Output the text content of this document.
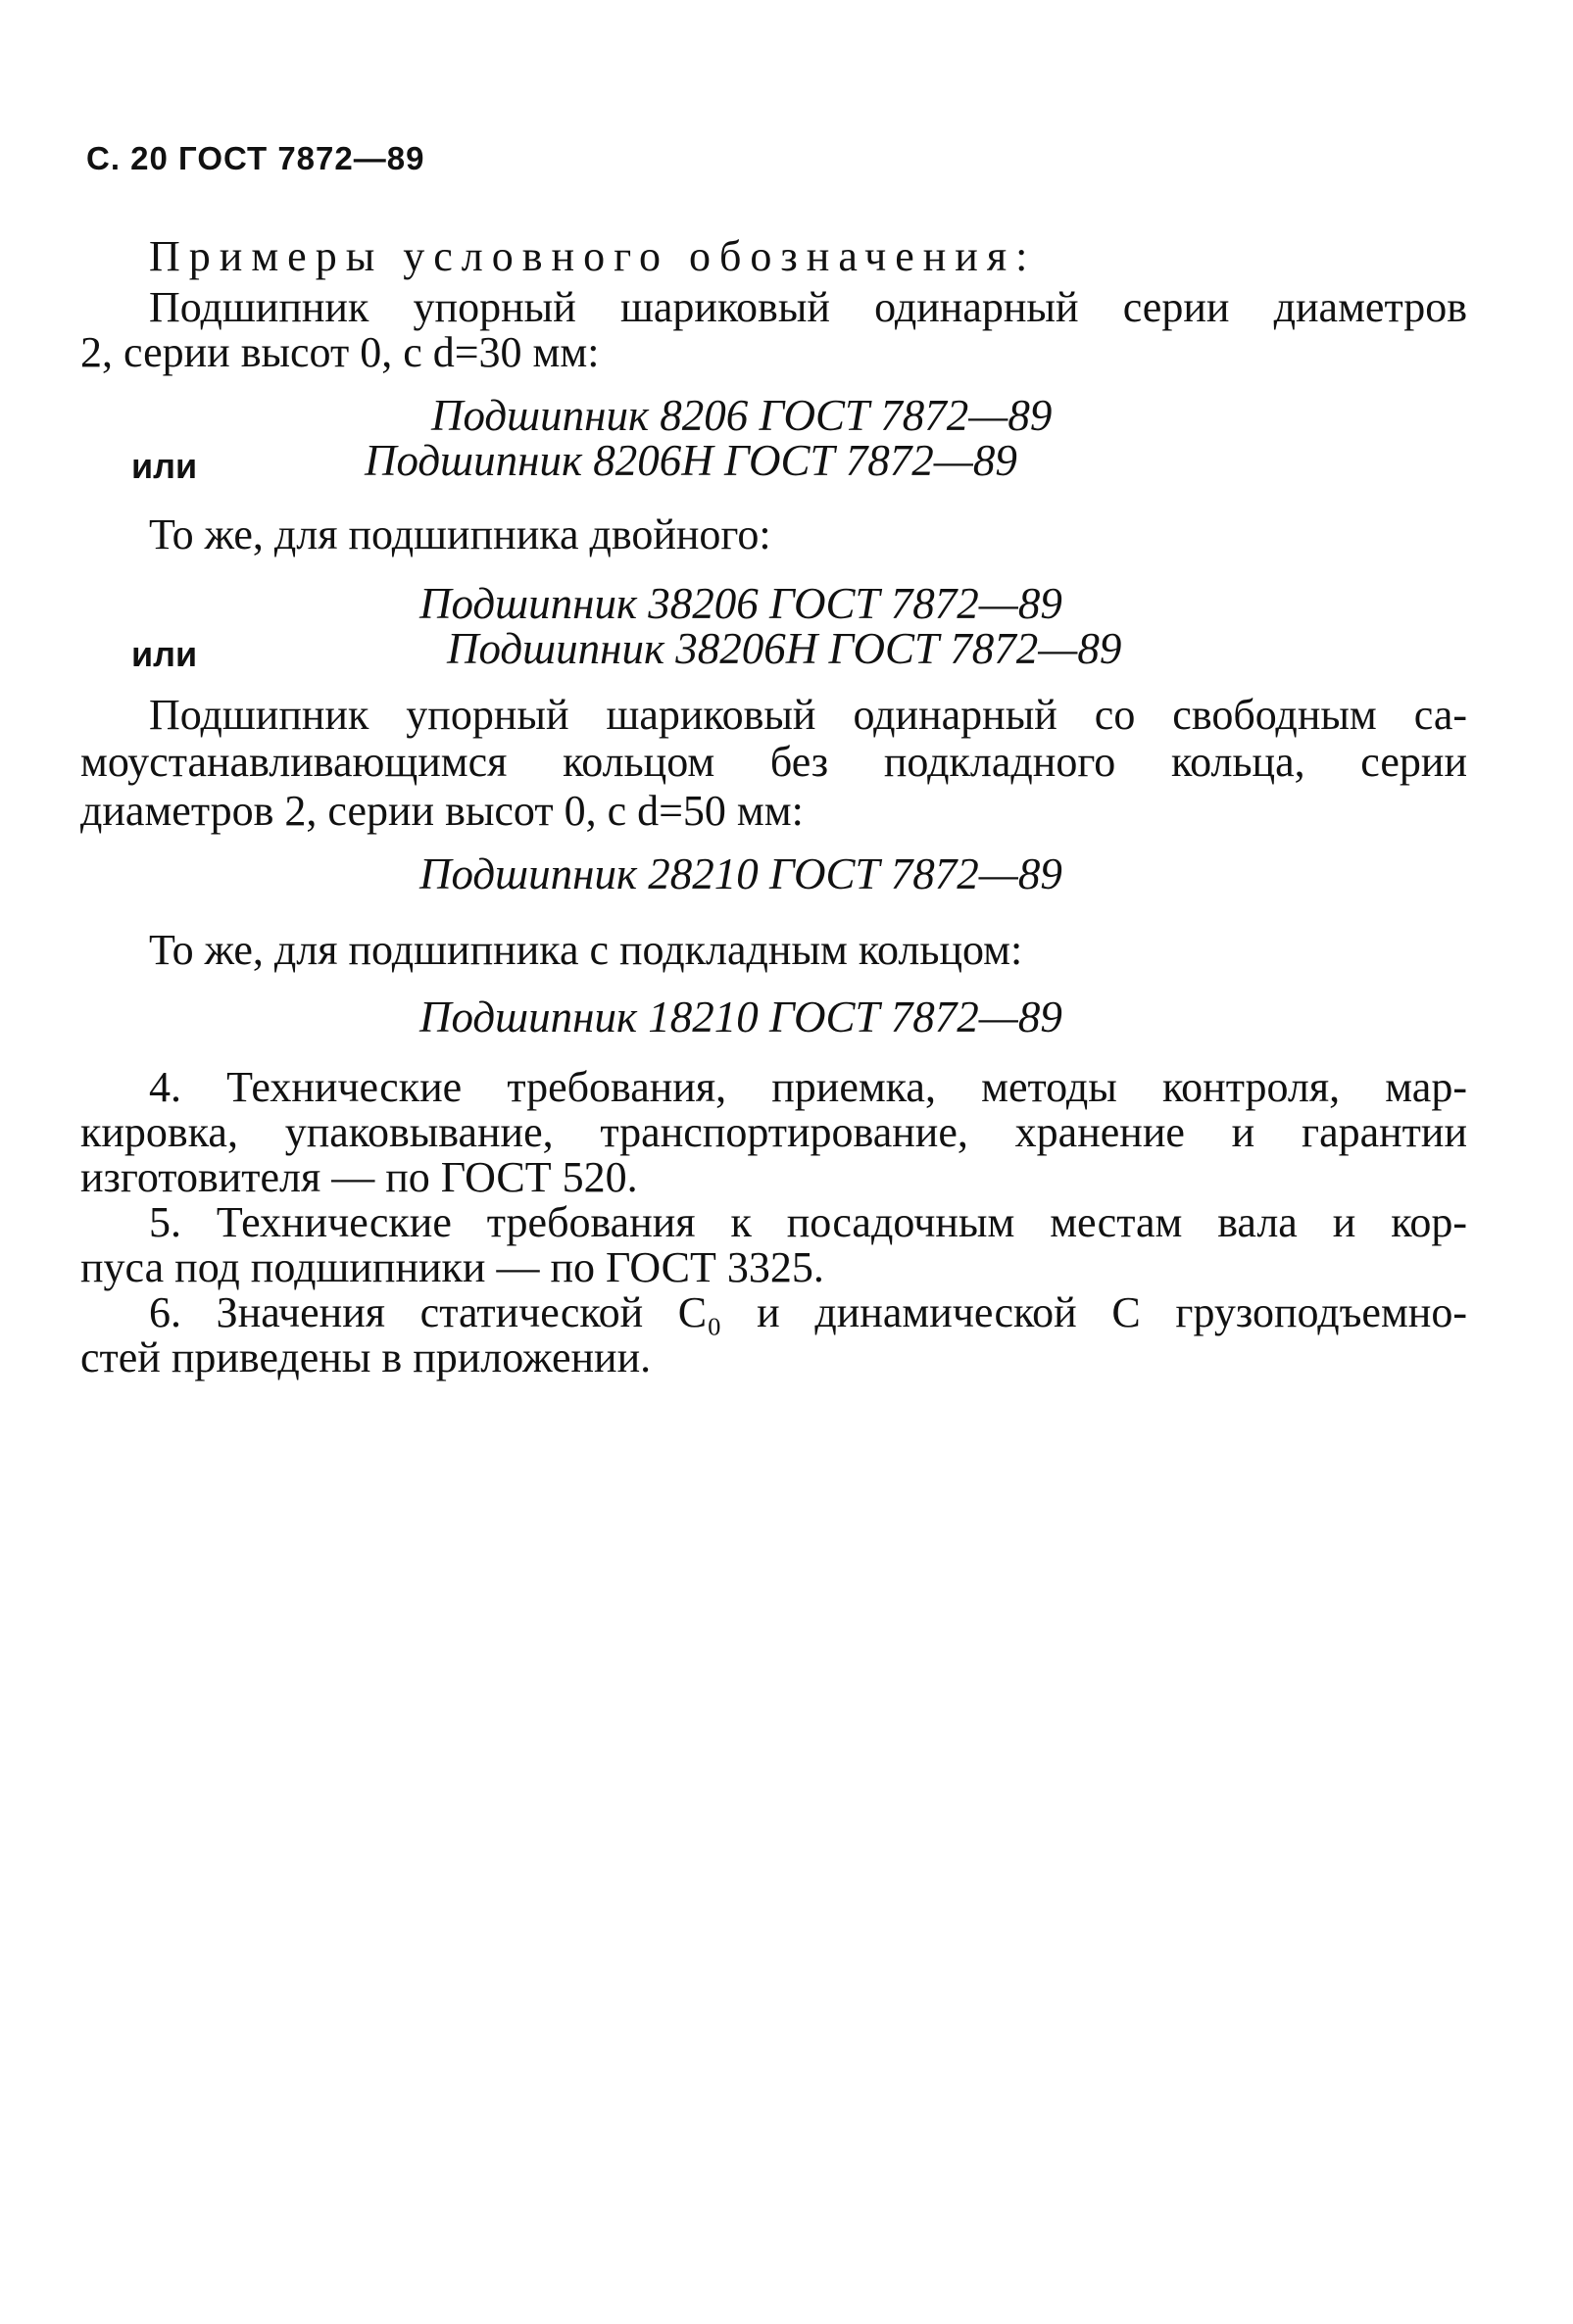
С. 20 ГОСТ 7872—89
Примеры условного обозначения:
Подшипник упорный шариковый одинарный серии диаметров
2, серии высот 0, с d=30 мм:
Подшипник 8206 ГОСТ 7872—89
или	Подшипник 8206Н ГОСТ 7872—89
То же, для подшипника двойного:
Подшипник 38206 ГОСТ 7872—89
или	Подшипник 38206Н ГОСТ 7872—89
Подшипник упорный шариковый одинарный со свободным са-
моустанавливающимся кольцом без подкладного кольца, серии
диаметров 2, серии высот 0, с d=50 мм:
Подшипник 28210 ГОСТ 7872—89
То же, для подшипника с подкладным кольцом:
Подшипник 18210 ГОСТ 7872—89
4. Технические требования, приемка, методы контроля, мар-
кировка, упаковывание, транспортирование, хранение и гарантии
изготовителя — по ГОСТ 520.
5. Технические требования к посадочным местам вала и кор-
пуса под подшипники — по ГОСТ 3325.
6. Значения статической C₀ и динамической C грузоподъемно-
стей приведены в приложении.
